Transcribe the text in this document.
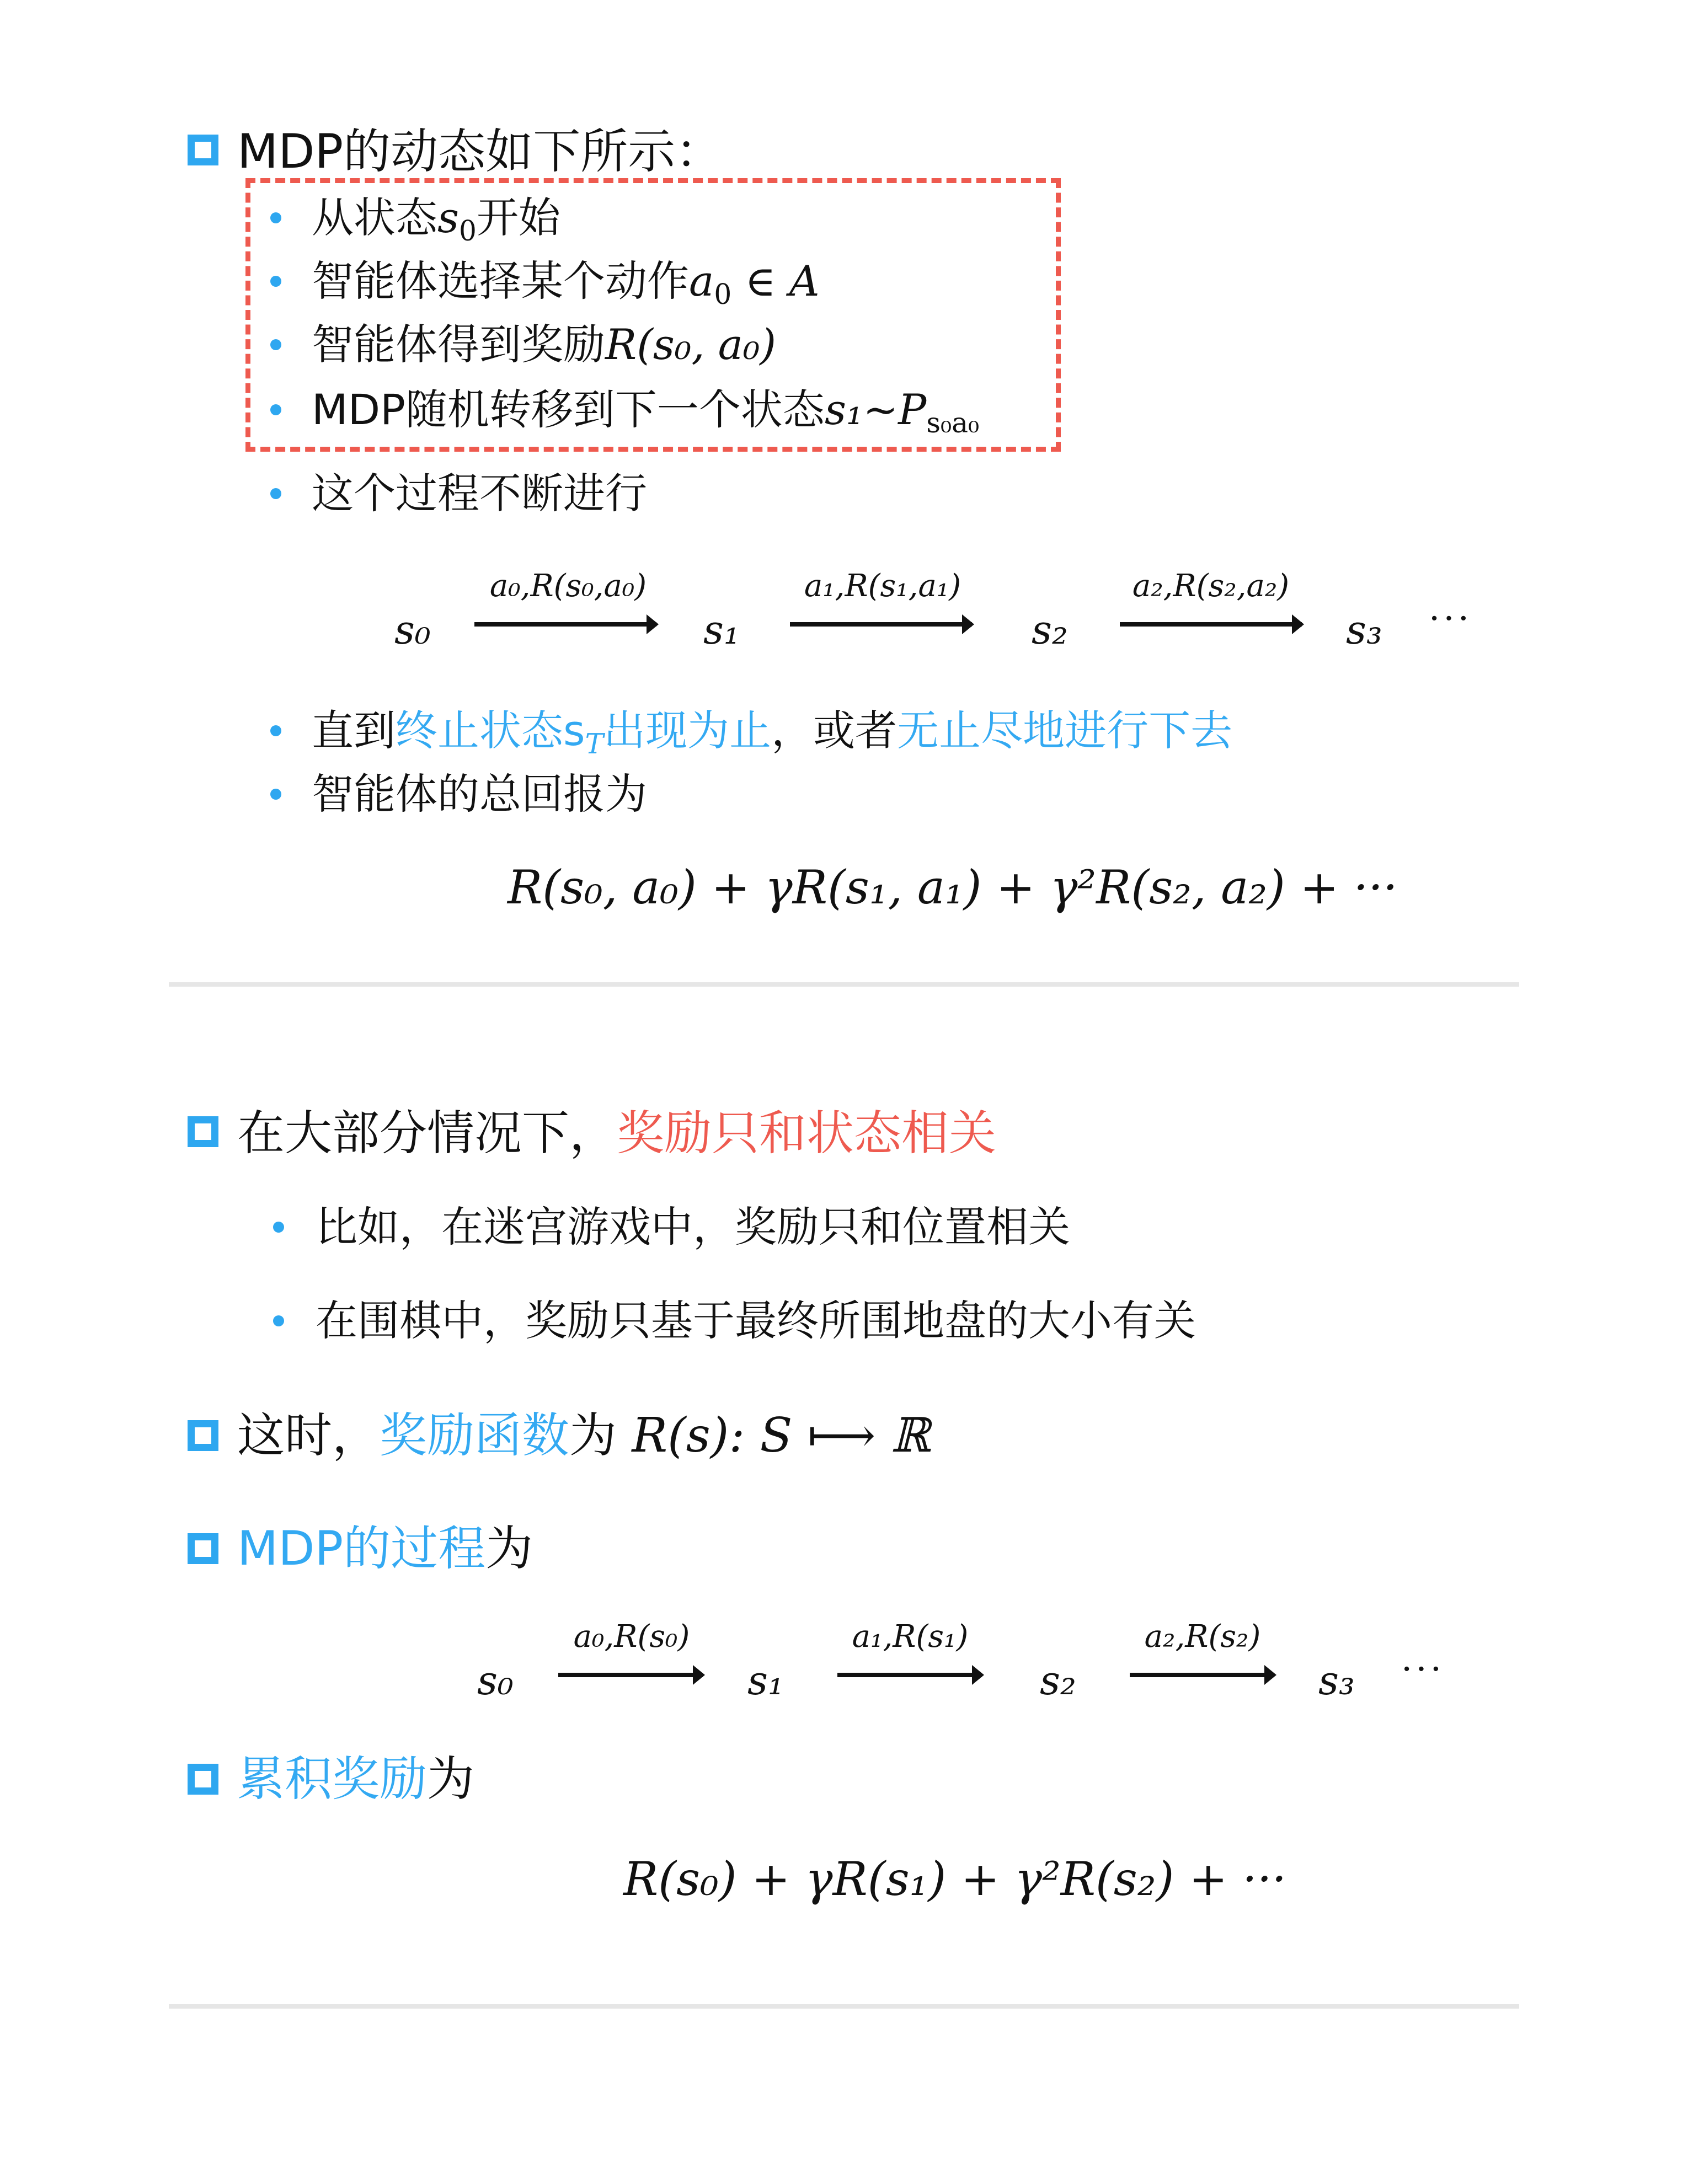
MDP的动态如下所示：
从状态$s_0$开始
智能体选择某个动作$a_0$ ∈ A
智能体得到奖励R(s₀, a₀)
MDP随机转移到下一个状态$s_1\sim P_{s_0a_0}$
这个过程不断进行
s₀
a₀,R(s₀,a₀)
s₁
a₁,R(s₁,a₁)
s₂
a₂,R(s₂,a₂)
s₃ ···
直到终止状态$s_T$出现为止，或者无止尽地进行下去
智能体的总回报为
R(s₀, a₀) + γR(s₁, a₁) + γ²R(s₂, a₂) + ···
在大部分情况下，奖励只和状态相关
比如，在迷宫游戏中，奖励只和位置相关
在围棋中，奖励只基于最终所围地盘的大小有关
这时，奖励函数为 R(s): S ⟼ ℝ
MDP的过程为
s₀
a₀,R(s₀)
s₁
a₁,R(s₁)
s₂
a₂,R(s₂)
s₃ ···
累积奖励为
R(s₀) + γR(s₁) + γ²R(s₂) + ···
